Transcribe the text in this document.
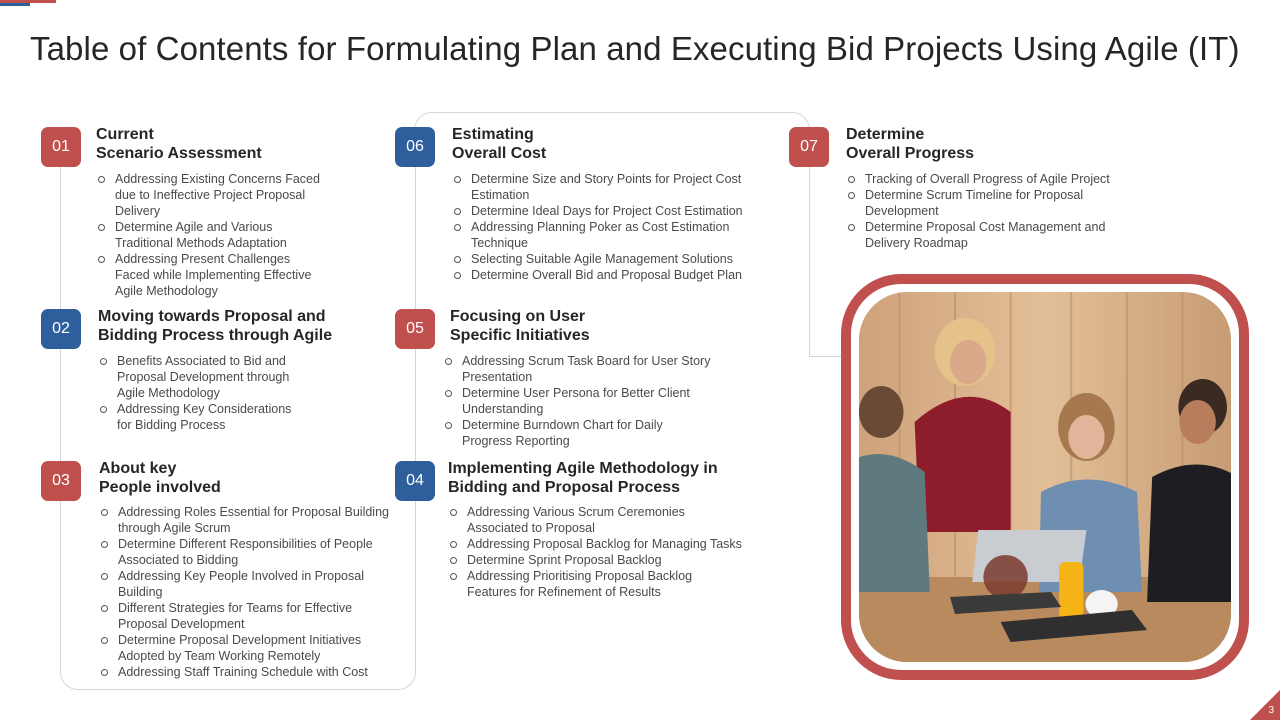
Table of Contents for Formulating Plan and Executing Bid Projects Using Agile (IT)
01
Current
Scenario Assessment
Addressing Existing Concerns Faced due to Ineffective Project Proposal Delivery
Determine Agile and Various Traditional Methods Adaptation
Addressing Present Challenges Faced while Implementing Effective Agile Methodology
02
Moving towards Proposal and
Bidding Process through Agile
Benefits Associated to Bid and Proposal Development through Agile Methodology
Addressing Key Considerations for Bidding Process
03
About key
People involved
Addressing Roles Essential for Proposal Building through Agile Scrum
Determine Different Responsibilities of People Associated to Bidding
Addressing Key People Involved in Proposal Building
Different Strategies for Teams for Effective Proposal Development
Determine Proposal Development Initiatives Adopted by Team Working Remotely
Addressing Staff Training Schedule with Cost
04
Implementing Agile Methodology in
Bidding and Proposal Process
Addressing Various Scrum Ceremonies Associated to Proposal
Addressing Proposal Backlog for Managing Tasks
Determine Sprint Proposal Backlog
Addressing Prioritising Proposal Backlog Features for Refinement of Results
05
Focusing on User
Specific Initiatives
Addressing Scrum Task Board for User Story Presentation
Determine User Persona for Better Client Understanding
Determine Burndown Chart for Daily Progress Reporting
06
Estimating
Overall Cost
Determine Size and Story Points for Project Cost Estimation
Determine Ideal Days for Project Cost Estimation
Addressing Planning Poker as Cost Estimation Technique
Selecting Suitable Agile Management Solutions
Determine Overall Bid and Proposal Budget Plan
07
Determine
Overall Progress
Tracking of Overall Progress of Agile Project
Determine Scrum Timeline for Proposal Development
Determine Proposal Cost Management and Delivery Roadmap
3
